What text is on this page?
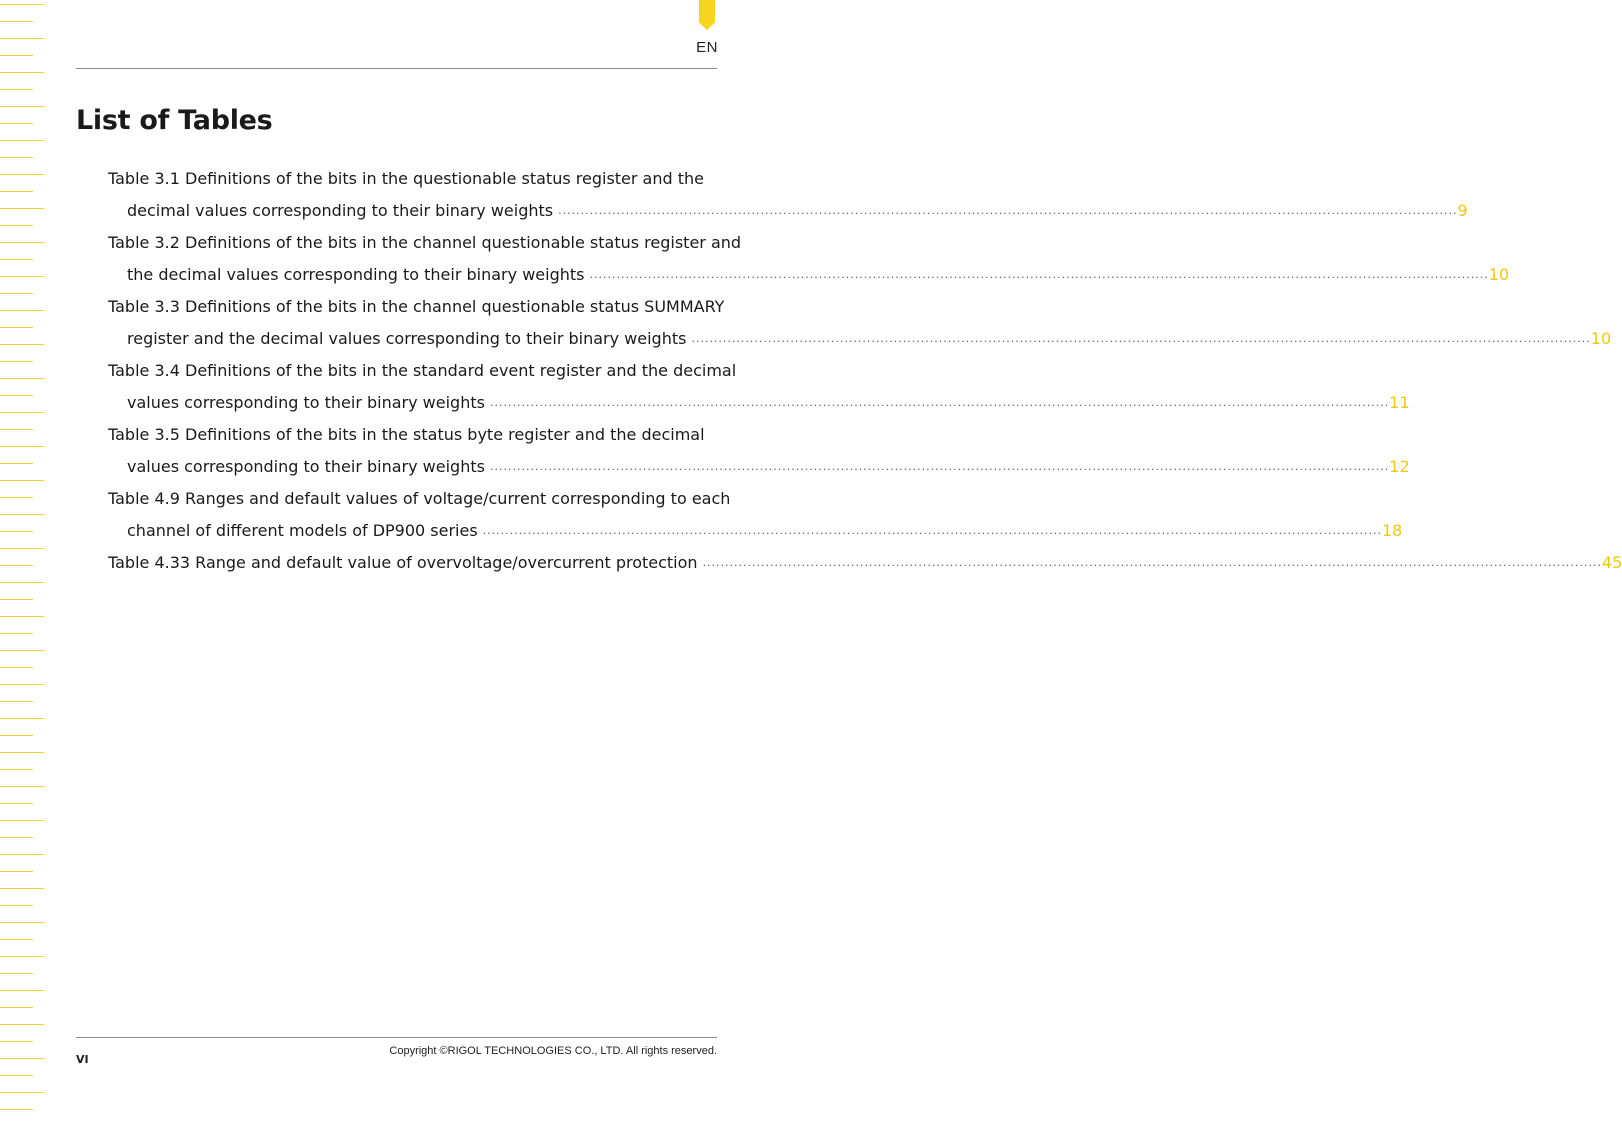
EN
List of Tables
Table 3.1 Definitions of the bits in the questionable status register and the
decimal values corresponding to their binary weights ........................................................................................................................................................................................................ 9
Table 3.2 Definitions of the bits in the channel questionable status register and
the decimal values corresponding to their binary weights ........................................................................................................................................................................................................ 10
Table 3.3 Definitions of the bits in the channel questionable status SUMMARY
register and the decimal values corresponding to their binary weights ........................................................................................................................................................................................................ 10
Table 3.4 Definitions of the bits in the standard event register and the decimal
values corresponding to their binary weights ........................................................................................................................................................................................................ 11
Table 3.5 Definitions of the bits in the status byte register and the decimal
values corresponding to their binary weights ........................................................................................................................................................................................................ 12
Table 4.9 Ranges and default values of voltage/current corresponding to each
channel of different models of DP900 series ........................................................................................................................................................................................................ 18
Table 4.33 Range and default value of overvoltage/overcurrent protection ........................................................................................................................................................................................................ 45
Copyright ©RIGOL TECHNOLOGIES CO., LTD. All rights reserved.
VI
